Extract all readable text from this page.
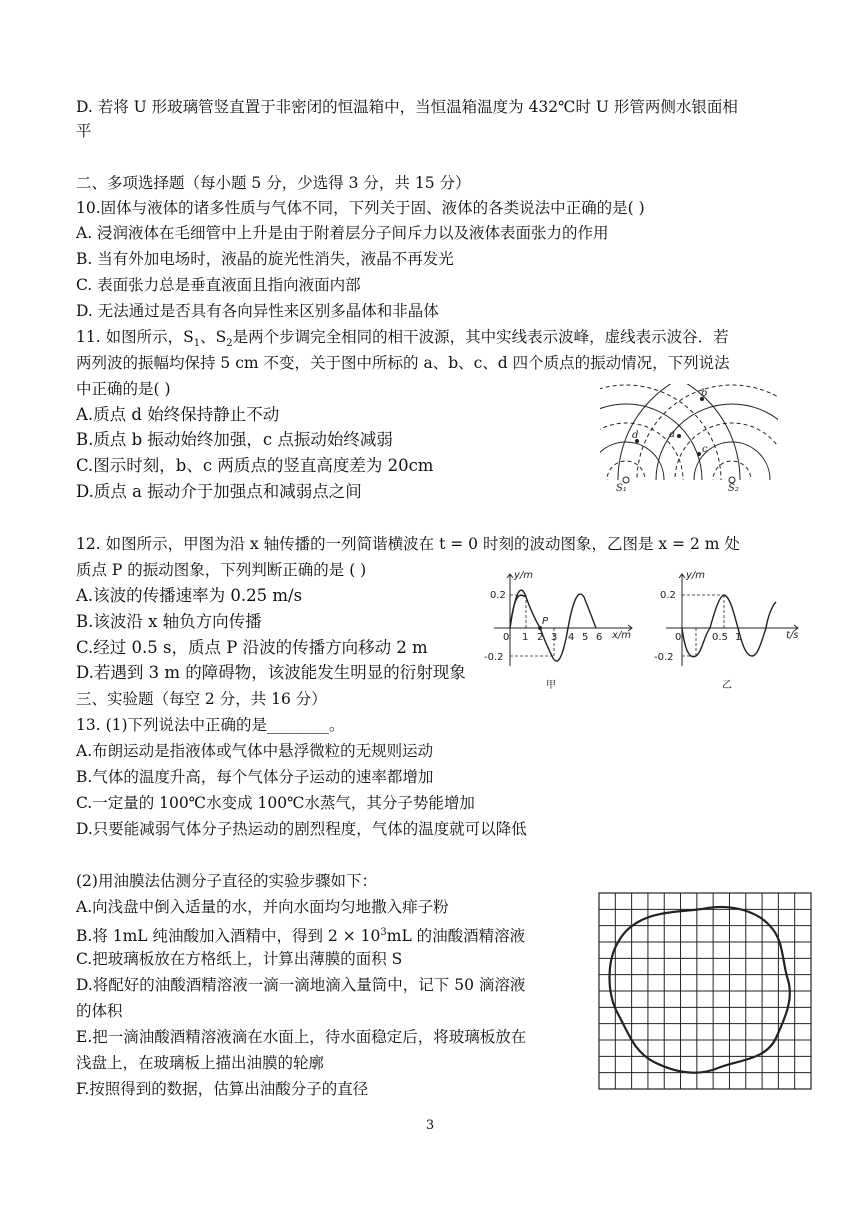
D. 若将 U 形玻璃管竖直置于非密闭的恒温箱中，当恒温箱温度为 432℃时 U 形管两侧水银面相
平
二、多项选择题（每小题 5 分，少选得 3 分，共 15 分）
10.固体与液体的诸多性质与气体不同，下列关于固、液体的各类说法中正确的是( )
A. 浸润液体在毛细管中上升是由于附着层分子间斥力以及液体表面张力的作用
B. 当有外加电场时，液晶的旋光性消失，液晶不再发光
C. 表面张力总是垂直液面且指向液面内部
D. 无法通过是否具有各向异性来区别多晶体和非晶体
11. 如图所示，$S_1$、$S_2$是两个步调完全相同的相干波源，其中实线表示波峰，虚线表示波谷．若
两列波的振幅均保持 5 cm 不变，关于图中所标的 a、b、c、d 四个质点的振动情况，下列说法
中正确的是( )
A.质点 d 始终保持静止不动
B.质点 b 振动始终加强，c 点振动始终减弱
C.图示时刻，b、c 两质点的竖直高度差为 20cm
D.质点 a 振动介于加强点和减弱点之间
b
a
c
d
S₁	S₂
12. 如图所示，甲图为沿 x 轴传播的一列简谐横波在 t = 0 时刻的波动图象，乙图是 x = 2 m 处
质点 P 的振动图象，下列判断正确的是 ( )
A.该波的传播速率为 0.25 m/s
B.该波沿 x 轴负方向传播
C.经过 0.5 s，质点 P 沿波的传播方向移动 2 m
D.若遇到 3 m 的障碍物，该波能发生明显的衍射现象
y/m
0.2
-0.2
0 1 2 3 4 5 6 x/m
P
甲
y/m
0.2
-0.2
0	0.5 1	t/s
乙
三、实验题（每空 2 分，共 16 分）
13. (1)下列说法中正确的是________。
A.布朗运动是指液体或气体中悬浮微粒的无规则运动
B.气体的温度升高，每个气体分子运动的速率都增加
C.一定量的 100℃水变成 100℃水蒸气，其分子势能增加
D.只要能减弱气体分子热运动的剧烈程度，气体的温度就可以降低
(2)用油膜法估测分子直径的实验步骤如下：
A.向浅盘中倒入适量的水，并向水面均匀地撒入痱子粉
B.将 1mL 纯油酸加入酒精中，得到 $2 \times 10^3mL$ 的油酸酒精溶液
C.把玻璃板放在方格纸上，计算出薄膜的面积 S
D.将配好的油酸酒精溶液一滴一滴地滴入量筒中，记下 50 滴溶液
的体积
E.把一滴油酸酒精溶液滴在水面上，待水面稳定后，将玻璃板放在
浅盘上，在玻璃板上描出油膜的轮廓
F.按照得到的数据，估算出油酸分子的直径
3
